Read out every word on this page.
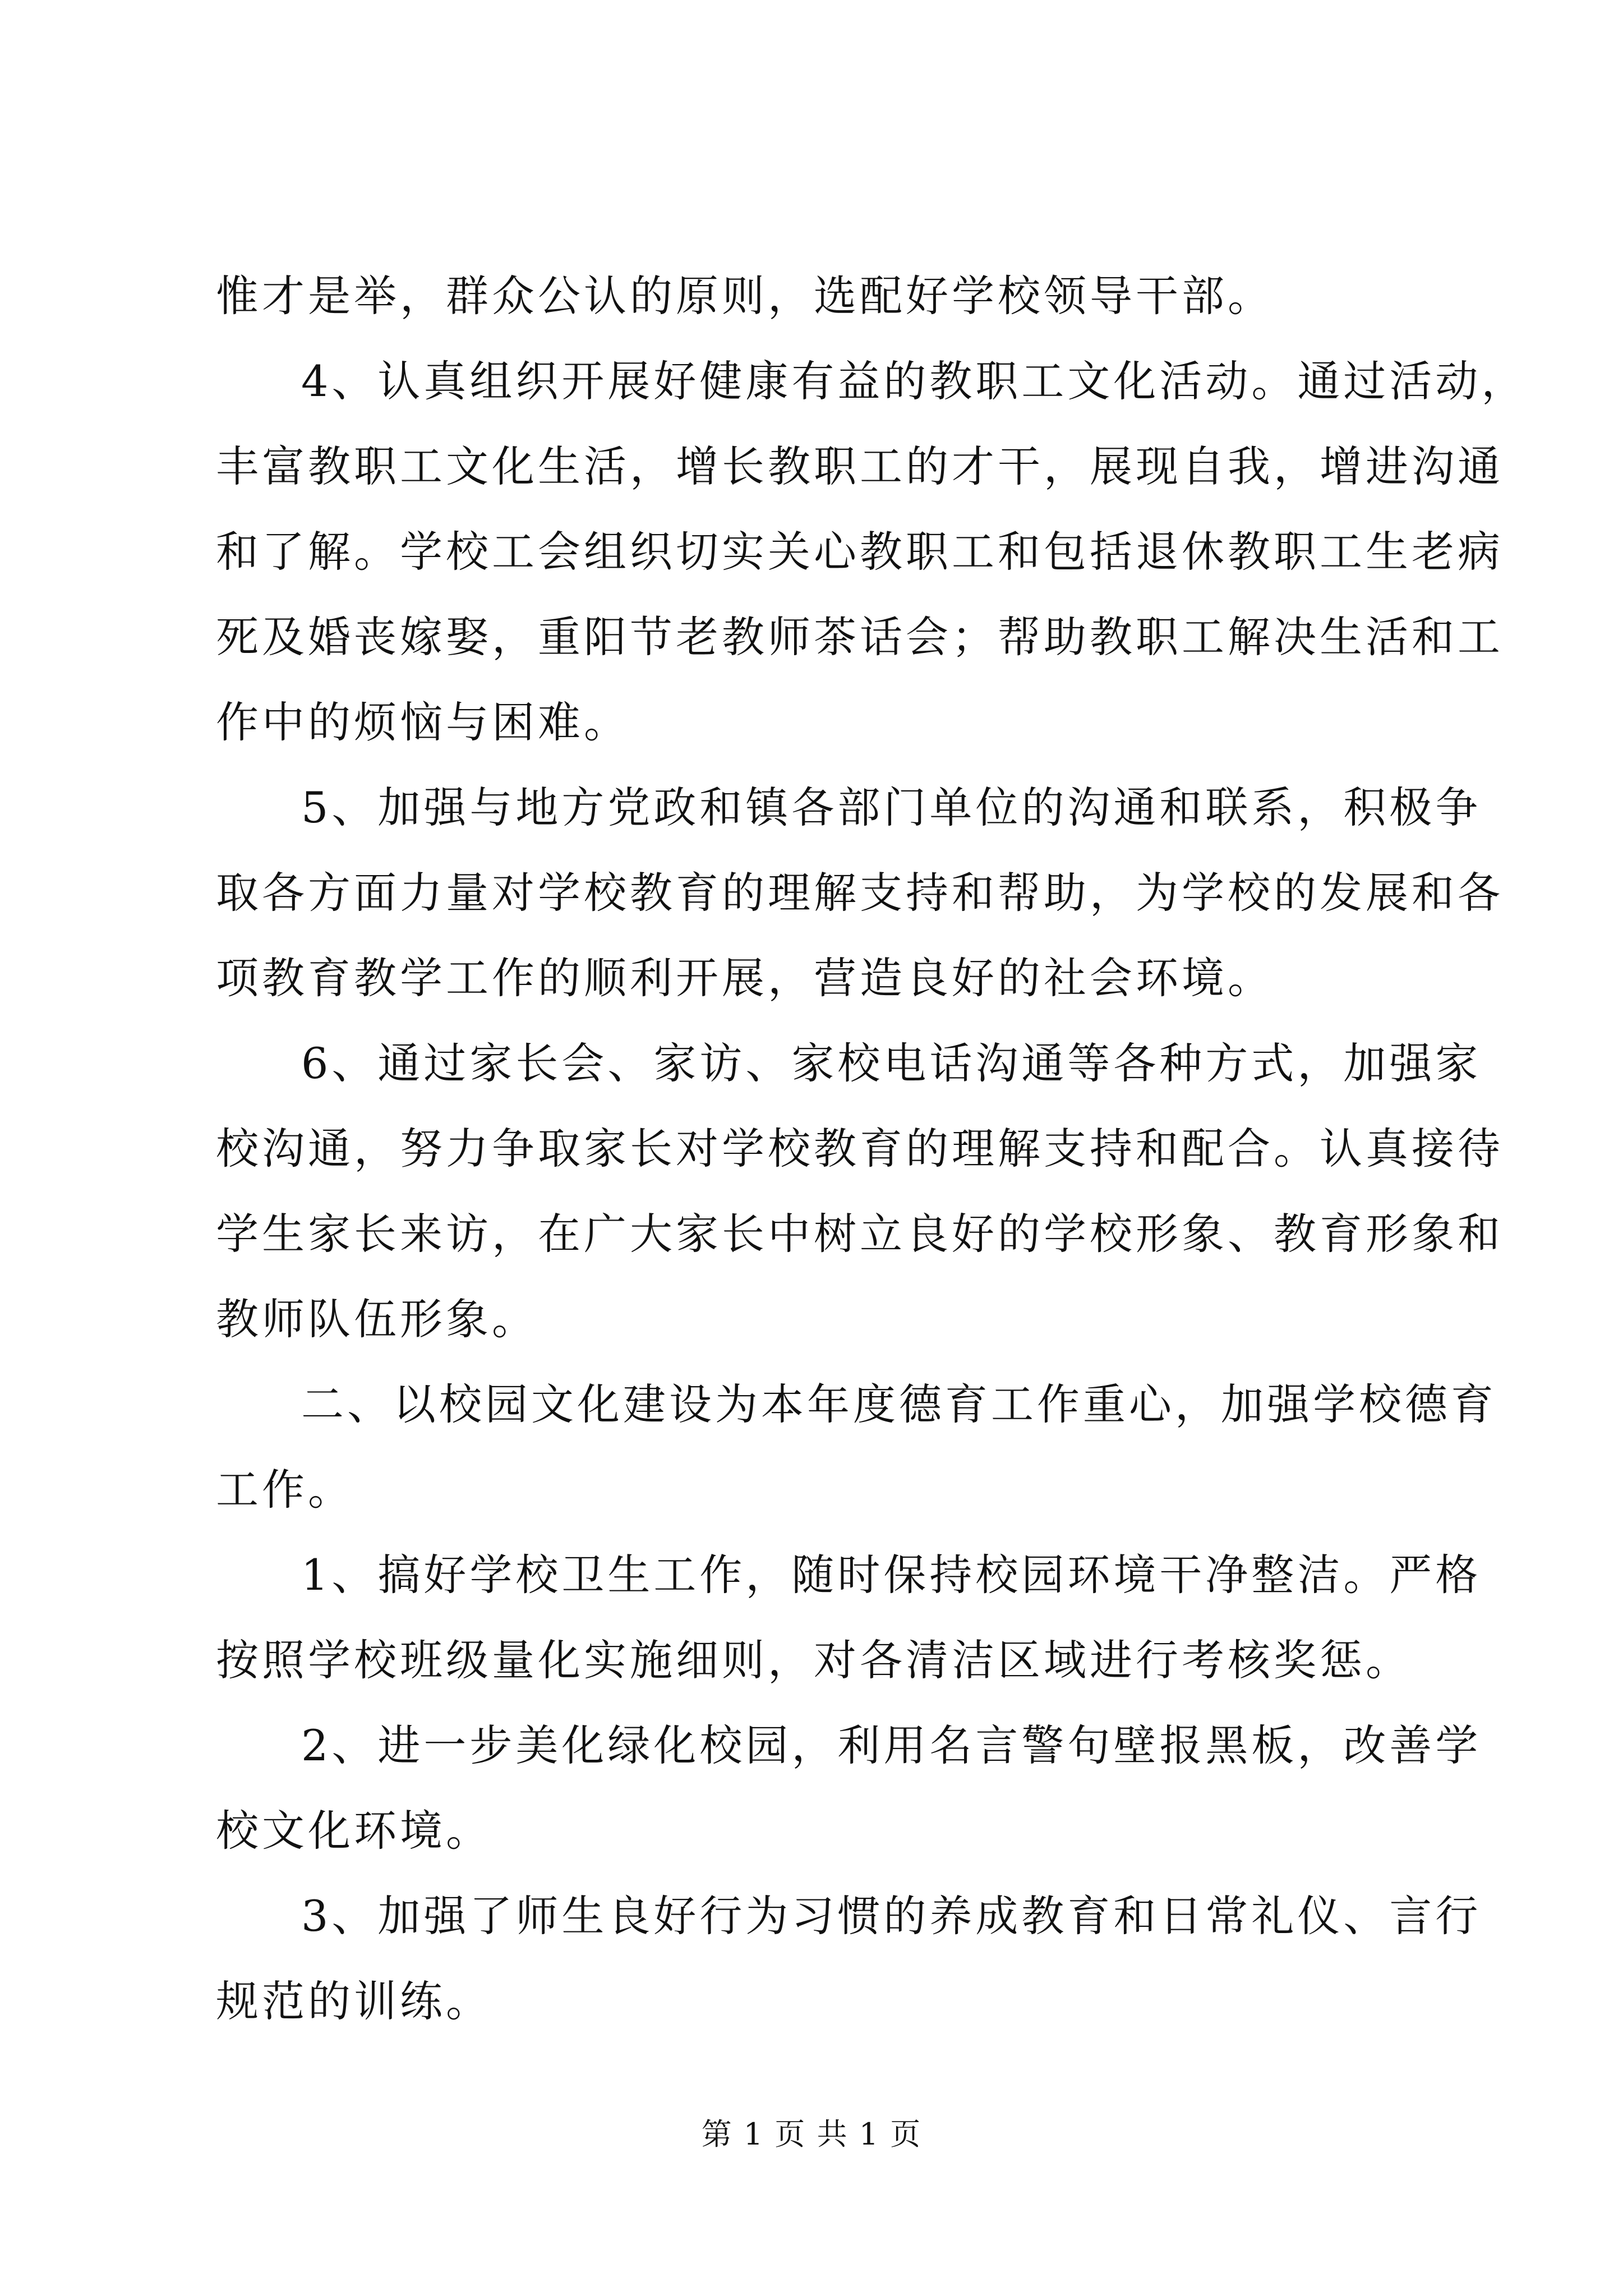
惟才是举，群众公认的原则，选配好学校领导干部。
4、认真组织开展好健康有益的教职工文化活动。通过活动，
丰富教职工文化生活，增长教职工的才干，展现自我，增进沟通
和了解。学校工会组织切实关心教职工和包括退休教职工生老病
死及婚丧嫁娶，重阳节老教师茶话会；帮助教职工解决生活和工
作中的烦恼与困难。
5、加强与地方党政和镇各部门单位的沟通和联系，积极争
取各方面力量对学校教育的理解支持和帮助，为学校的发展和各
项教育教学工作的顺利开展，营造良好的社会环境。
6、通过家长会、家访、家校电话沟通等各种方式，加强家
校沟通，努力争取家长对学校教育的理解支持和配合。认真接待
学生家长来访，在广大家长中树立良好的学校形象、教育形象和
教师队伍形象。
二、以校园文化建设为本年度德育工作重心，加强学校德育
工作。
1、搞好学校卫生工作，随时保持校园环境干净整洁。严格
按照学校班级量化实施细则，对各清洁区域进行考核奖惩。
2、进一步美化绿化校园，利用名言警句壁报黑板，改善学
校文化环境。
3、加强了师生良好行为习惯的养成教育和日常礼仪、言行
规范的训练。
第 1 页 共 1 页
